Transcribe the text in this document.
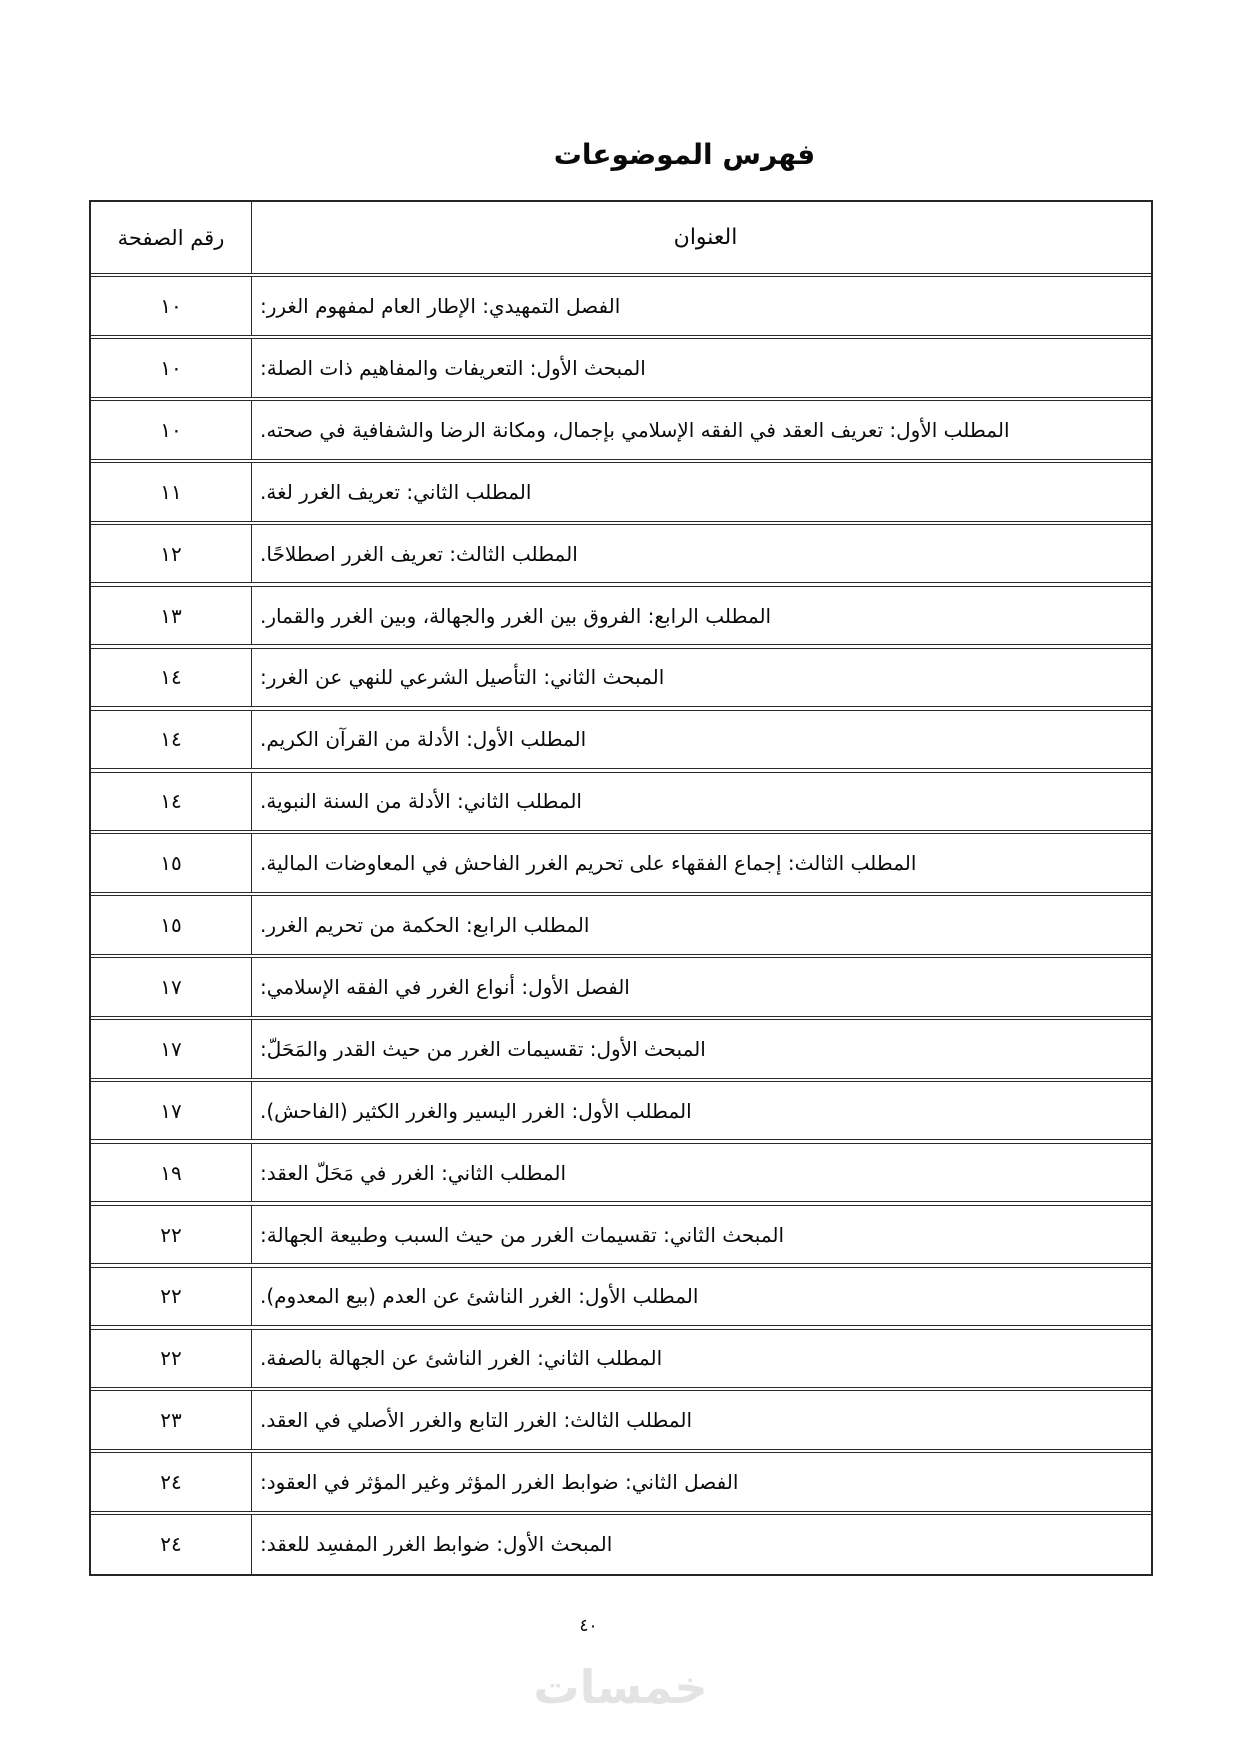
فهرس الموضوعات
رقم الصفحة	العنوان
١٠	الفصل التمهيدي: الإطار العام لمفهوم الغرر:
١٠	المبحث الأول: التعريفات والمفاهيم ذات الصلة:
١٠	المطلب الأول: تعريف العقد في الفقه الإسلامي بإجمال، ومكانة الرضا والشفافية في صحته.
١١	المطلب الثاني: تعريف الغرر لغة.
١٢	المطلب الثالث: تعريف الغرر اصطلاحًا.
١٣	المطلب الرابع: الفروق بين الغرر والجهالة، وبين الغرر والقمار.
١٤	المبحث الثاني: التأصيل الشرعي للنهي عن الغرر:
١٤	المطلب الأول: الأدلة من القرآن الكريم.
١٤	المطلب الثاني: الأدلة من السنة النبوية.
١٥	المطلب الثالث: إجماع الفقهاء على تحريم الغرر الفاحش في المعاوضات المالية.
١٥	المطلب الرابع: الحكمة من تحريم الغرر.
١٧	الفصل الأول: أنواع الغرر في الفقه الإسلامي:
١٧	المبحث الأول: تقسيمات الغرر من حيث القدر والمَحَلّ:
١٧	المطلب الأول: الغرر اليسير والغرر الكثير (الفاحش).
١٩	المطلب الثاني: الغرر في مَحَلّ العقد:
٢٢	المبحث الثاني: تقسيمات الغرر من حيث السبب وطبيعة الجهالة:
٢٢	المطلب الأول: الغرر الناشئ عن العدم (بيع المعدوم).
٢٢	المطلب الثاني: الغرر الناشئ عن الجهالة بالصفة.
٢٣	المطلب الثالث: الغرر التابع والغرر الأصلي في العقد.
٢٤	الفصل الثاني: ضوابط الغرر المؤثر وغير المؤثر في العقود:
٢٤	المبحث الأول: ضوابط الغرر المفسِد للعقد:
٤٠
خمسات
